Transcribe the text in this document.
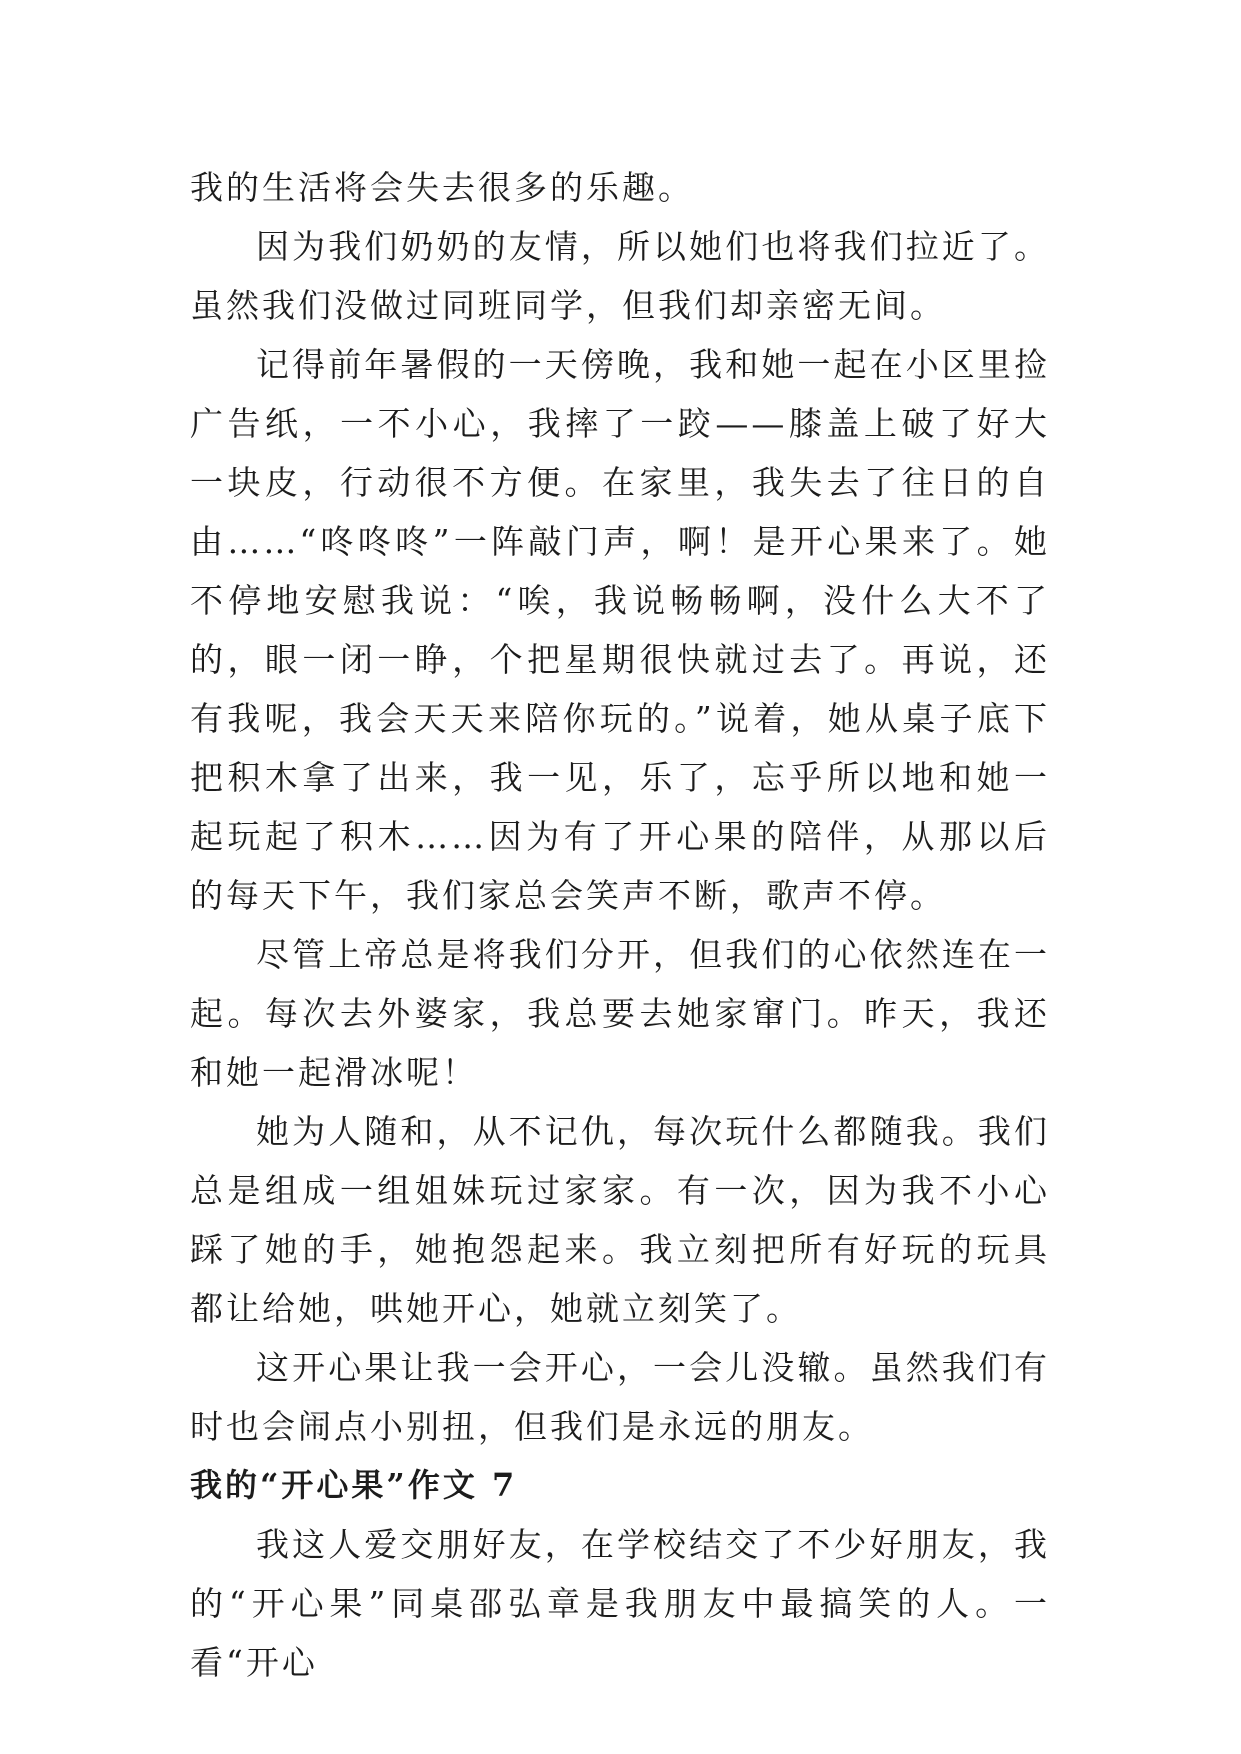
我的生活将会失去很多的乐趣。

因为我们奶奶的友情，所以她们也将我们拉近了。虽然我们没做过同班同学，但我们却亲密无间。

记得前年暑假的一天傍晚，我和她一起在小区里捡广告纸，一不小心，我摔了一跤——膝盖上破了好大一块皮，行动很不方便。在家里，我失去了往日的自由……“咚咚咚”一阵敲门声，啊！是开心果来了。她不停地安慰我说：“唉，我说畅畅啊，没什么大不了的，眼一闭一睁，个把星期很快就过去了。再说，还有我呢，我会天天来陪你玩的。”说着，她从桌子底下把积木拿了出来，我一见，乐了，忘乎所以地和她一起玩起了积木……因为有了开心果的陪伴，从那以后的每天下午，我们家总会笑声不断，歌声不停。

尽管上帝总是将我们分开，但我们的心依然连在一起。每次去外婆家，我总要去她家窜门。昨天，我还和她一起滑冰呢！

她为人随和，从不记仇，每次玩什么都随我。我们总是组成一组姐妹玩过家家。有一次，因为我不小心踩了她的手，她抱怨起来。我立刻把所有好玩的玩具都让给她，哄她开心，她就立刻笑了。

这开心果让我一会开心，一会儿没辙。虽然我们有时也会闹点小别扭，但我们是永远的朋友。

我的“开心果”作文 7

我这人爱交朋好友，在学校结交了不少好朋友，我的“开心果”同桌邵弘章是我朋友中最搞笑的人。一看“开心
